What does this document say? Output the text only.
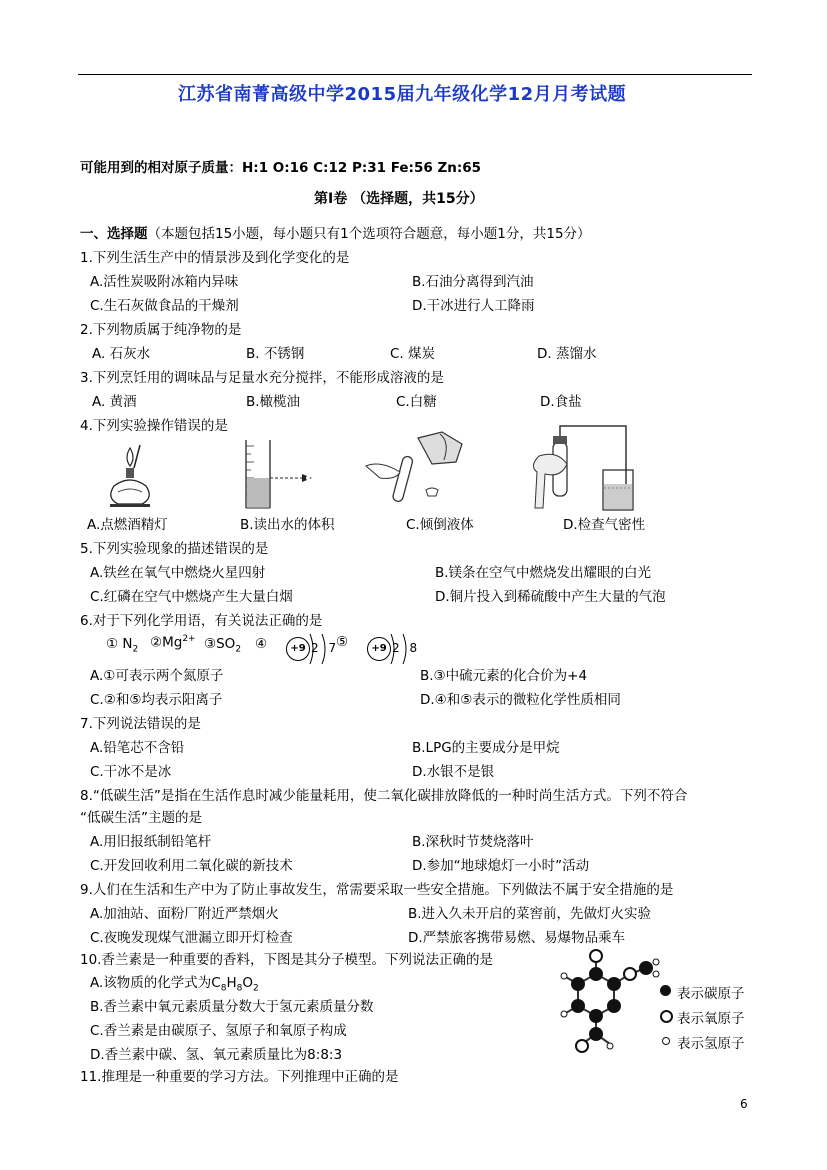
江苏省南菁高级中学2015届九年级化学12月月考试题
可能用到的相对原子质量：H:1 O:16 C:12 P:31 Fe:56 Zn:65
第Ⅰ卷 （选择题，共15分）
一、选择题（本题包括15小题，每小题只有1个选项符合题意，每小题1分，共15分）
1.下列生活生产中的情景涉及到化学变化的是
A.活性炭吸附冰箱内异味	B.石油分离得到汽油
C.生石灰做食品的干燥剂	D.干冰进行人工降雨
2.下列物质属于纯净物的是
A. 石灰水	B. 不锈钢	C. 煤炭	D. 蒸馏水
3.下列烹饪用的调味品与足量水充分搅拌，不能形成溶液的是
A. 黄酒	B.橄榄油	C.白糖	D.食盐
4.下列实验操作错误的是
A.点燃酒精灯	B.读出水的体积	C.倾倒液体	D.检查气密性
5.下列实验现象的描述错误的是
A.铁丝在氧气中燃烧火星四射	B.镁条在空气中燃烧发出耀眼的白光
C.红磷在空气中燃烧产生大量白烟	D.铜片投入到稀硫酸中产生大量的气泡
6.对于下列化学用语，有关说法正确的是
① $N_2$ $②Mg^{2+}$ $③SO_2$ ④	+9 2 7
⑤	+9 2 8
A.①可表示两个氮原子	B.③中硫元素的化合价为+4
C.②和⑤均表示阳离子	D.④和⑤表示的微粒化学性质相同
7.下列说法错误的是
A.铅笔芯不含铅	B.LPG的主要成分是甲烷
C.干冰不是冰	D.水银不是银
8.“低碳生活”是指在生活作息时减少能量耗用，使二氧化碳排放降低的一种时尚生活方式。下列不符合
“低碳生活”主题的是
A.用旧报纸制铅笔杆	B.深秋时节焚烧落叶
C.开发回收利用二氧化碳的新技术	D.参加“地球熄灯一小时”活动
9.人们在生活和生产中为了防止事故发生，常需要采取一些安全措施。下列做法不属于安全措施的是
A.加油站、面粉厂附近严禁烟火	B.进入久未开启的菜窖前，先做灯火实验
C.夜晚发现煤气泄漏立即开灯检查	D.严禁旅客携带易燃、易爆物品乘车
10.香兰素是一种重要的香料，下图是其分子模型。下列说法正确的是
A.该物质的化学式为$C_8H_8O_2$
B.香兰素中氧元素质量分数大于氢元素质量分数
C.香兰素是由碳原子、氢原子和氧原子构成
D.香兰素中碳、氢、氧元素质量比为8:8:3
表示碳原子
表示氧原子
表示氢原子
11.推理是一种重要的学习方法。下列推理中正确的是
6
